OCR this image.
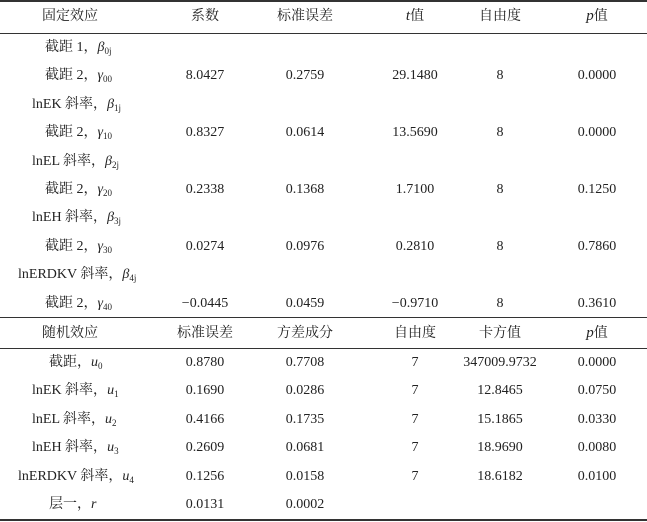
固定效应	系数	标准误差	t值	自由度	p值
截距 1，$\beta_{0j}$
截距 2，$\gamma_{00}$	8.0427	0.2759	29.1480	8	0.0000
lnEK 斜率，$\beta_{1j}$
截距 2，$\gamma_{10}$	0.8327	0.0614	13.5690	8	0.0000
lnEL 斜率，$\beta_{2j}$
截距 2，$\gamma_{20}$	0.2338	0.1368	1.7100	8	0.1250
lnEH 斜率，$\beta_{3j}$
截距 2，$\gamma_{30}$	0.0274	0.0976	0.2810	8	0.7860
lnERDKV 斜率，$\beta_{4j}$
截距 2，$\gamma_{40}$	−0.0445	0.0459	−0.9710	8	0.3610
随机效应	标准误差	方差成分	自由度	卡方值	p值
截距，$u_0$	0.8780	0.7708	7	347009.9732	0.0000
lnEK 斜率，$u_1$	0.1690	0.0286	7	12.8465	0.0750
lnEL 斜率，$u_2$	0.4166	0.1735	7	15.1865	0.0330
lnEH 斜率，$u_3$	0.2609	0.0681	7	18.9690	0.0080
lnERDKV 斜率，$u_4$	0.1256	0.0158	7	18.6182	0.0100
层一，r	0.0131	0.0002
